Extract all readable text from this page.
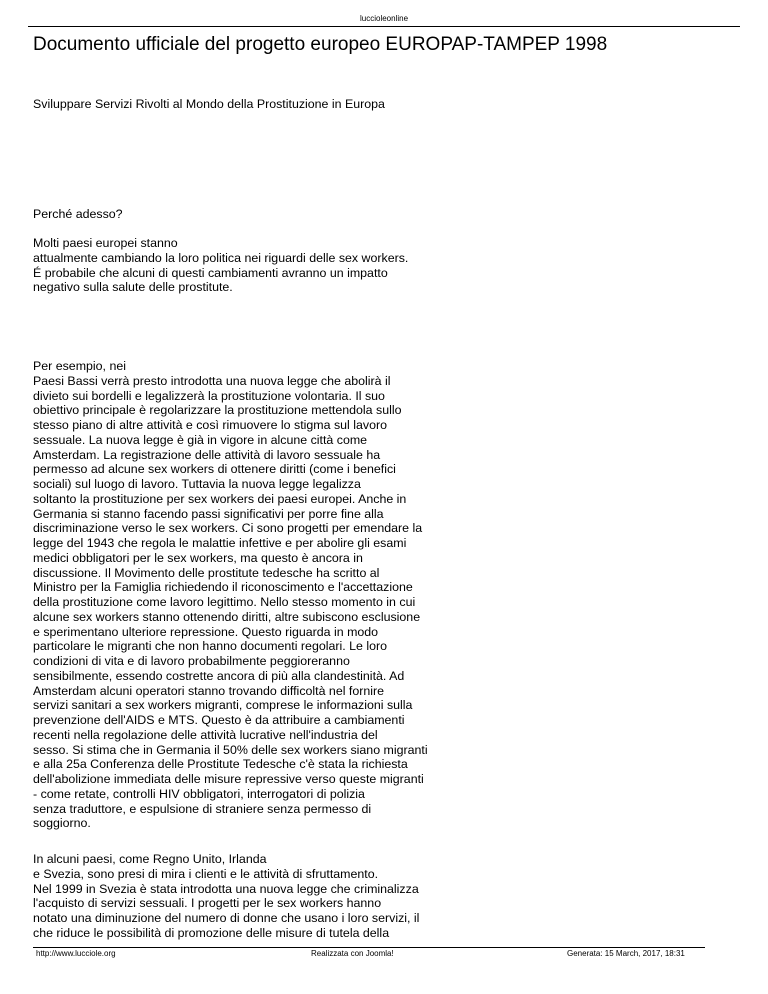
luccioleonline
Documento ufficiale del progetto europeo EUROPAP-TAMPEP 1998

Sviluppare Servizi Rivolti al Mondo della Prostituzione in Europa

Perché adesso?

Molti paesi europei stanno
attualmente cambiando la loro politica nei riguardi delle sex workers.
É probabile che alcuni di questi cambiamenti avranno un impatto
negativo sulla salute delle prostitute.

Per esempio, nei
Paesi Bassi verrà presto introdotta una nuova legge che abolirà il
divieto sui bordelli e legalizzerà la prostituzione volontaria. Il suo
obiettivo principale è regolarizzare la prostituzione mettendola sullo
stesso piano di altre attività e così rimuovere lo stigma sul lavoro
sessuale. La nuova legge è già in vigore in alcune città come
Amsterdam. La registrazione delle attività di lavoro sessuale ha
permesso ad alcune sex workers di ottenere diritti (come i benefici
sociali) sul luogo di lavoro. Tuttavia la nuova legge legalizza
soltanto la prostituzione per sex workers dei paesi europei. Anche in
Germania si stanno facendo passi significativi per porre fine alla
discriminazione verso le sex workers. Ci sono progetti per emendare la
legge del 1943 che regola le malattie infettive e per abolire gli esami
medici obbligatori per le sex workers, ma questo è ancora in
discussione. Il Movimento delle prostitute tedesche ha scritto al
Ministro per la Famiglia richiedendo il riconoscimento e l'accettazione
della prostituzione come lavoro legittimo. Nello stesso momento in cui
alcune sex workers stanno ottenendo diritti, altre subiscono esclusione
e sperimentano ulteriore repressione. Questo riguarda in modo
particolare le migranti che non hanno documenti regolari. Le loro
condizioni di vita e di lavoro probabilmente peggioreranno
sensibilmente, essendo costrette ancora di più alla clandestinità. Ad
Amsterdam alcuni operatori stanno trovando difficoltà nel fornire
servizi sanitari a sex workers migranti, comprese le informazioni sulla
prevenzione dell'AIDS e MTS. Questo è da attribuire a cambiamenti
recenti nella regolazione delle attività lucrative nell'industria del
sesso. Si stima che in Germania il 50% delle sex workers siano migranti
e alla 25a Conferenza delle Prostitute Tedesche c'è stata la richiesta
dell'abolizione immediata delle misure repressive verso queste migranti
- come retate, controlli HIV obbligatori, interrogatori di polizia
senza traduttore, e espulsione di straniere senza permesso di
soggiorno.

In alcuni paesi, come Regno Unito, Irlanda
e Svezia, sono presi di mira i clienti e le attività di sfruttamento.
Nel 1999 in Svezia è stata introdotta una nuova legge che criminalizza
l'acquisto di servizi sessuali. I progetti per le sex workers hanno
notato una diminuzione del numero di donne che usano i loro servizi, il
che riduce le possibilità di promozione delle misure di tutela della

http://www.lucciole.org	Realizzata con Joomla!	Generata: 15 March, 2017, 18:31
